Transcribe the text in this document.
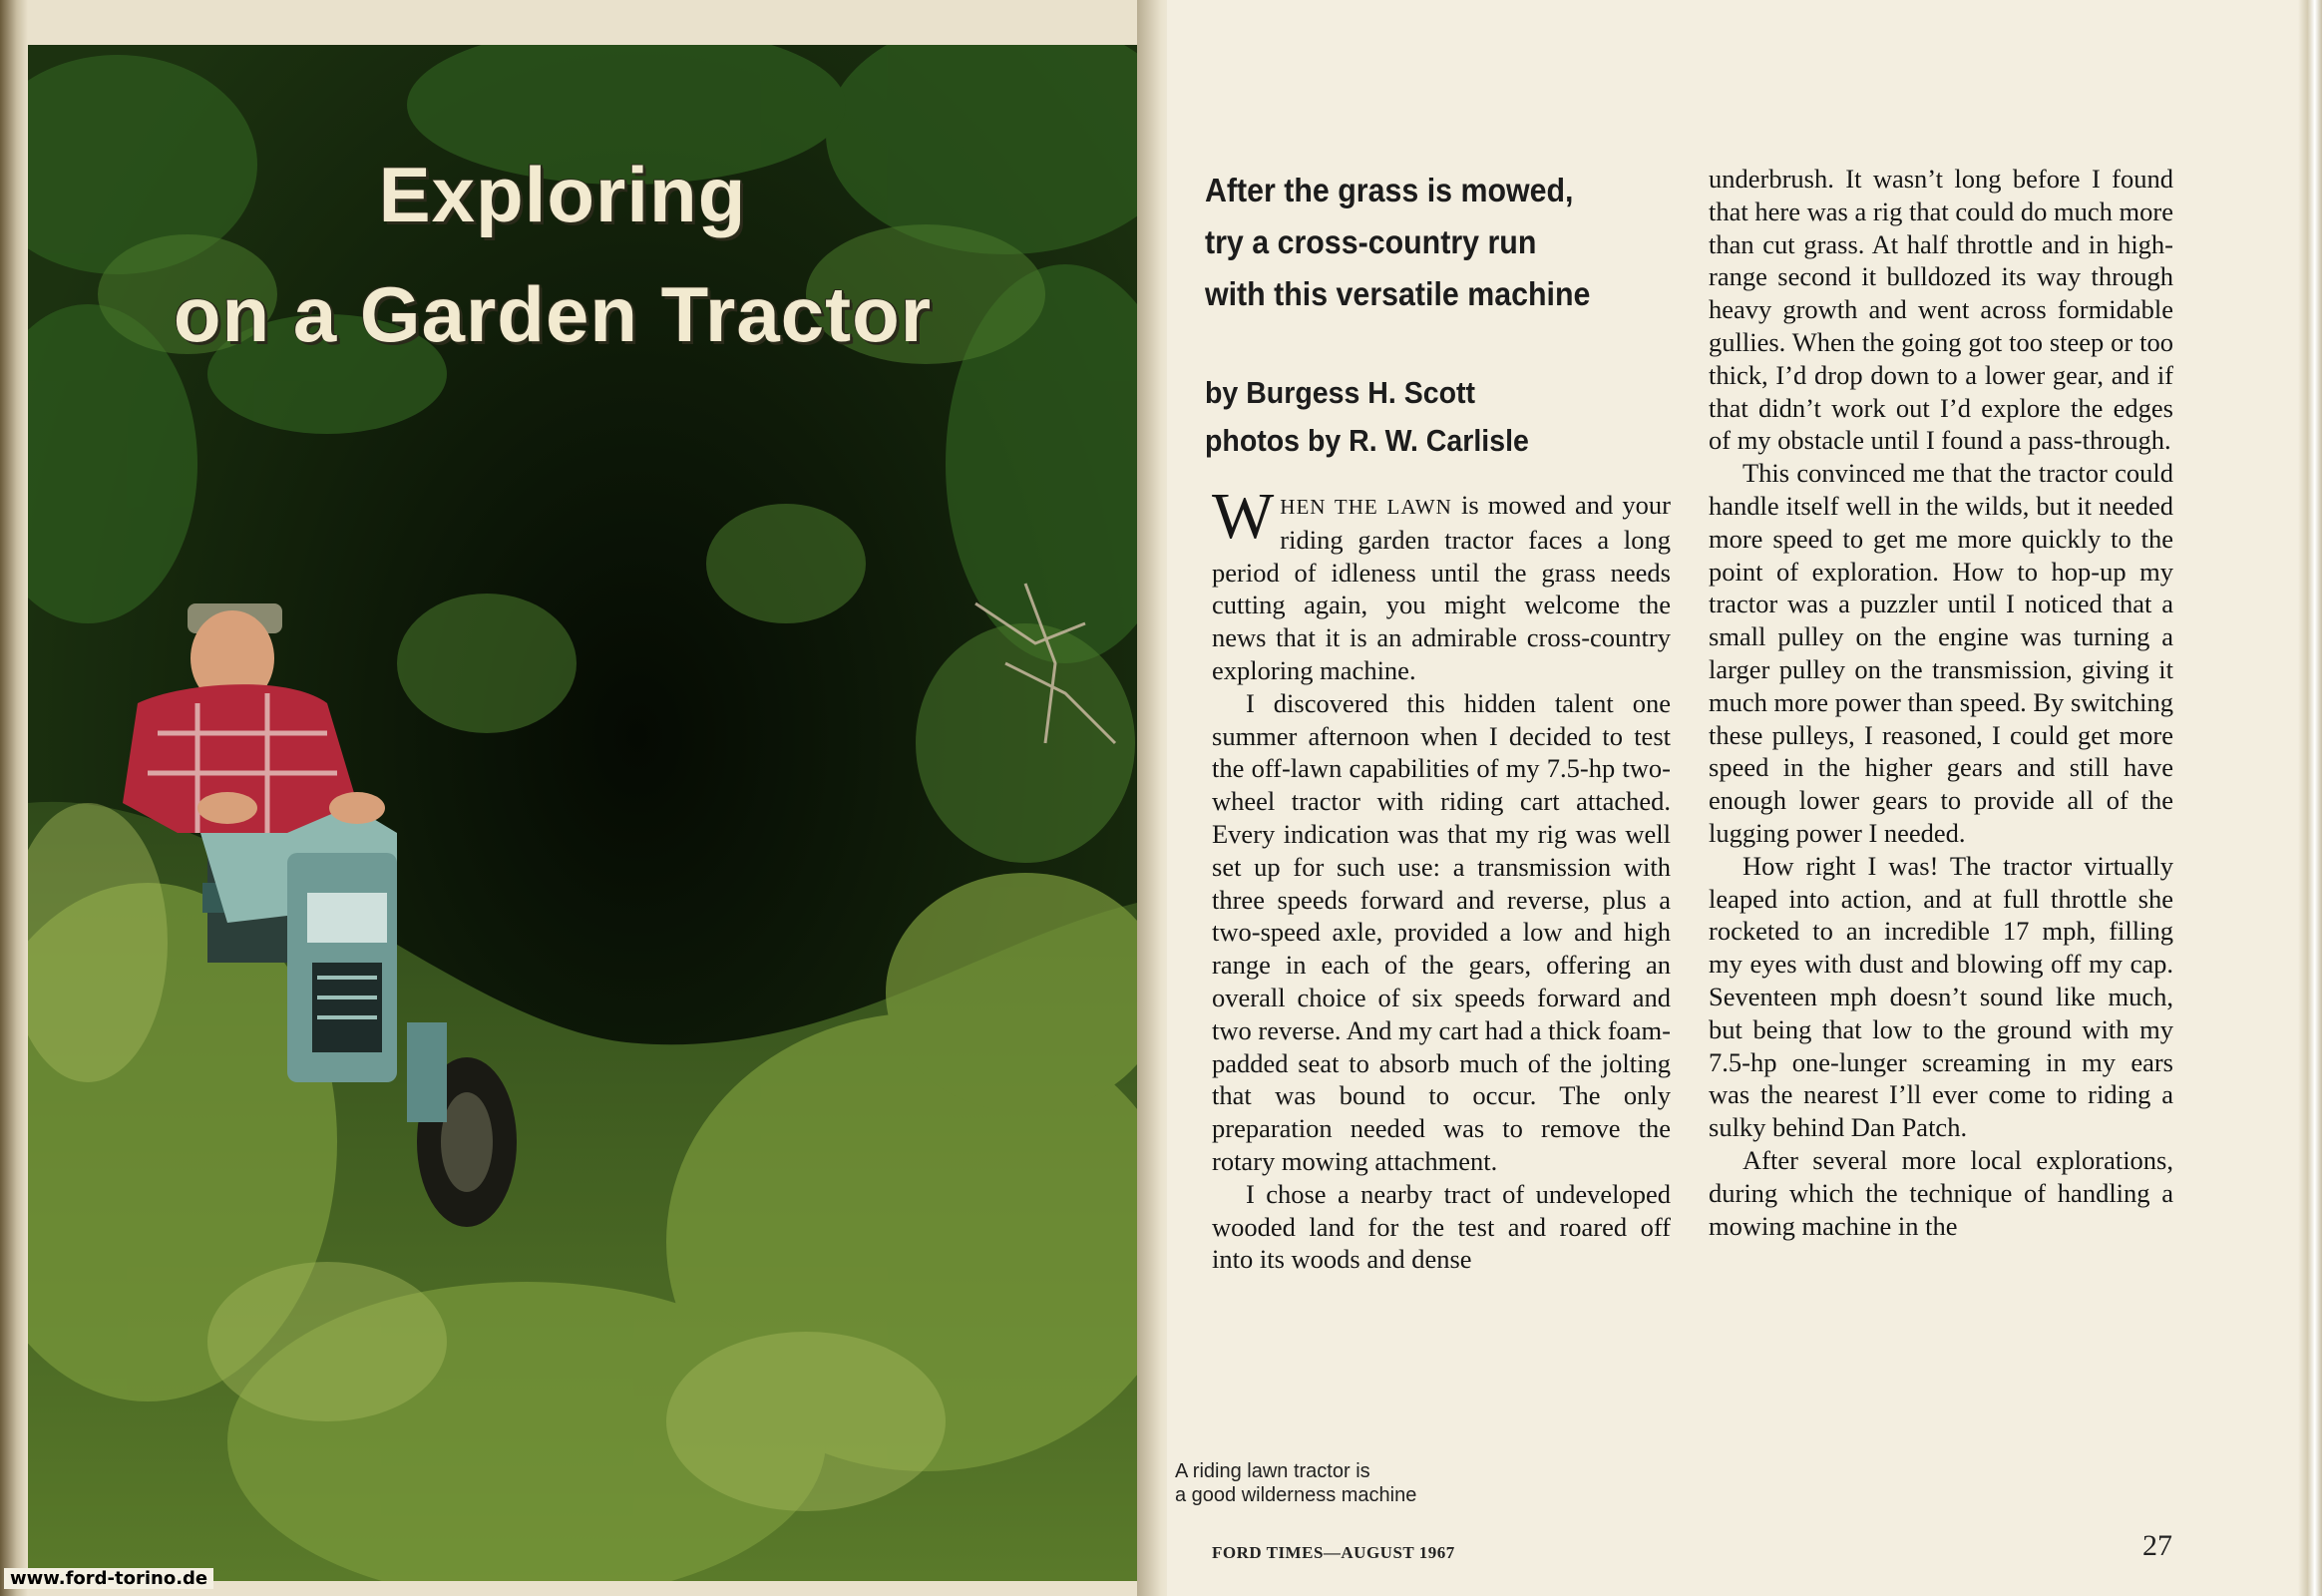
Exploring
on a Garden Tractor
www.ford-torino.de
After the grass is mowed,
try a cross-country run
with this versatile machine
by Burgess H. Scott
photos by R. W. Carlisle

WHEN THE LAWN is mowed and your riding garden tractor faces a long period of idleness until the grass needs cutting again, you might welcome the news that it is an admirable cross-country exploring machine.

I discovered this hidden talent one summer afternoon when I decided to test the off-lawn capabilities of my 7.5-hp two-wheel tractor with riding cart attached. Every indication was that my rig was well set up for such use: a transmission with three speeds forward and reverse, plus a two-speed axle, provided a low and high range in each of the gears, offering an overall choice of six speeds forward and two reverse. And my cart had a thick foam-padded seat to absorb much of the jolting that was bound to occur. The only preparation needed was to remove the rotary mowing attachment.

I chose a nearby tract of undeveloped wooded land for the test and roared off into its woods and dense

underbrush. It wasn’t long before I found that here was a rig that could do much more than cut grass. At half throttle and in high-range second it bulldozed its way through heavy growth and went across formidable gullies. When the going got too steep or too thick, I’d drop down to a lower gear, and if that didn’t work out I’d explore the edges of my obstacle until I found a pass-through.

This convinced me that the tractor could handle itself well in the wilds, but it needed more speed to get me more quickly to the point of exploration. How to hop-up my tractor was a puzzler until I noticed that a small pulley on the engine was turning a larger pulley on the transmission, giving it much more power than speed. By switching these pulleys, I reasoned, I could get more speed in the higher gears and still have enough lower gears to provide all of the lugging power I needed.

How right I was! The tractor virtually leaped into action, and at full throttle she rocketed to an incredible 17 mph, filling my eyes with dust and blowing off my cap. Seventeen mph doesn’t sound like much, but being that low to the ground with my 7.5-hp one-lunger screaming in my ears was the nearest I’ll ever come to riding a sulky behind Dan Patch.

After several more local explorations, during which the technique of handling a mowing machine in the

A riding lawn tractor is
a good wilderness machine
FORD TIMES—AUGUST 1967	27
